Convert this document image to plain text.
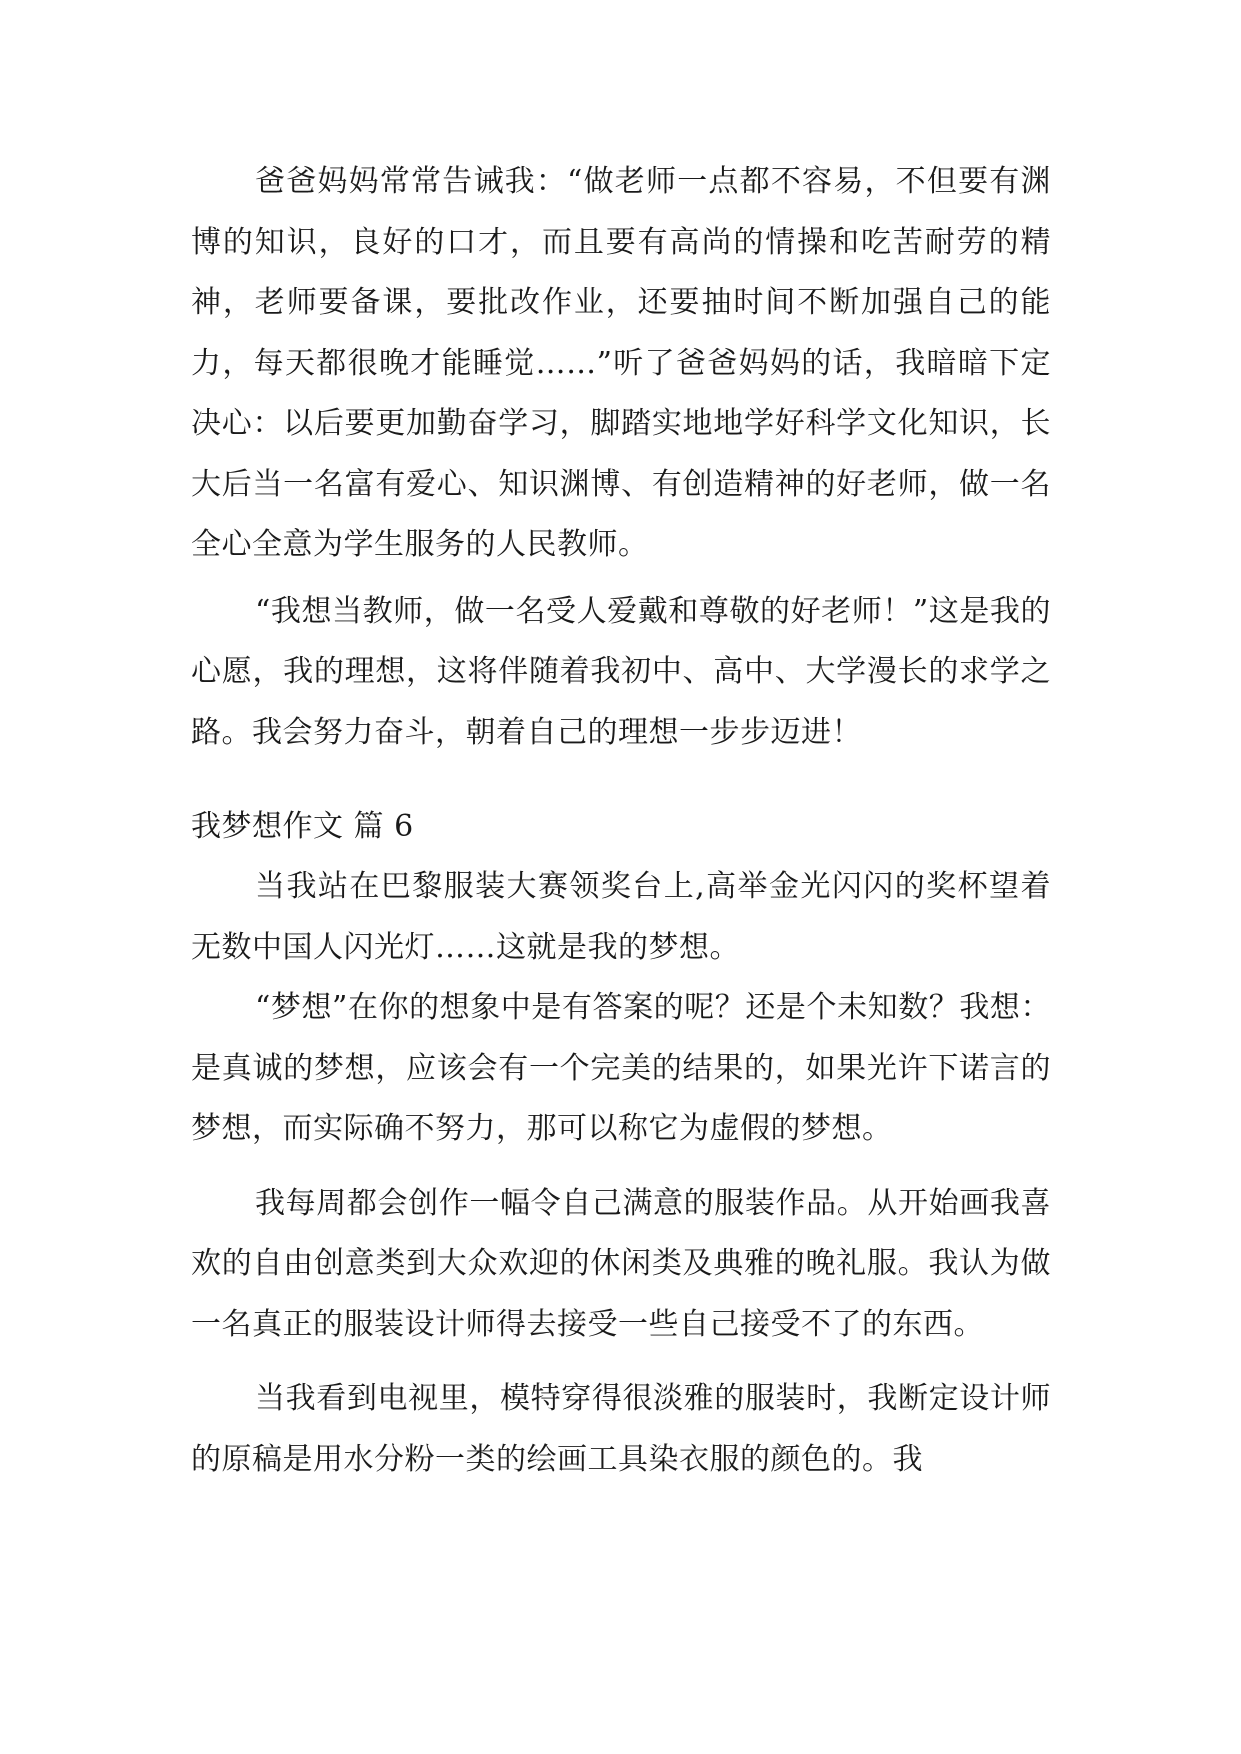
爸爸妈妈常常告诫我：“做老师一点都不容易，不但要有渊博的知识，良好的口才，而且要有高尚的情操和吃苦耐劳的精神，老师要备课，要批改作业，还要抽时间不断加强自己的能力，每天都很晚才能睡觉……”听了爸爸妈妈的话，我暗暗下定决心：以后要更加勤奋学习，脚踏实地地学好科学文化知识，长大后当一名富有爱心、知识渊博、有创造精神的好老师，做一名全心全意为学生服务的人民教师。

“我想当教师，做一名受人爱戴和尊敬的好老师！”这是我的心愿，我的理想，这将伴随着我初中、高中、大学漫长的求学之路。我会努力奋斗，朝着自己的理想一步步迈进！

我梦想作文 篇 6

当我站在巴黎服装大赛领奖台上,高举金光闪闪的奖杯望着无数中国人闪光灯……这就是我的梦想。

“梦想”在你的想象中是有答案的呢？还是个未知数？我想：是真诚的梦想，应该会有一个完美的结果的，如果光许下诺言的梦想，而实际确不努力，那可以称它为虚假的梦想。

我每周都会创作一幅令自己满意的服装作品。从开始画我喜欢的自由创意类到大众欢迎的休闲类及典雅的晚礼服。我认为做一名真正的服装设计师得去接受一些自己接受不了的东西。

当我看到电视里，模特穿得很淡雅的服装时，我断定设计师的原稿是用水分粉一类的绘画工具染衣服的颜色的。我
